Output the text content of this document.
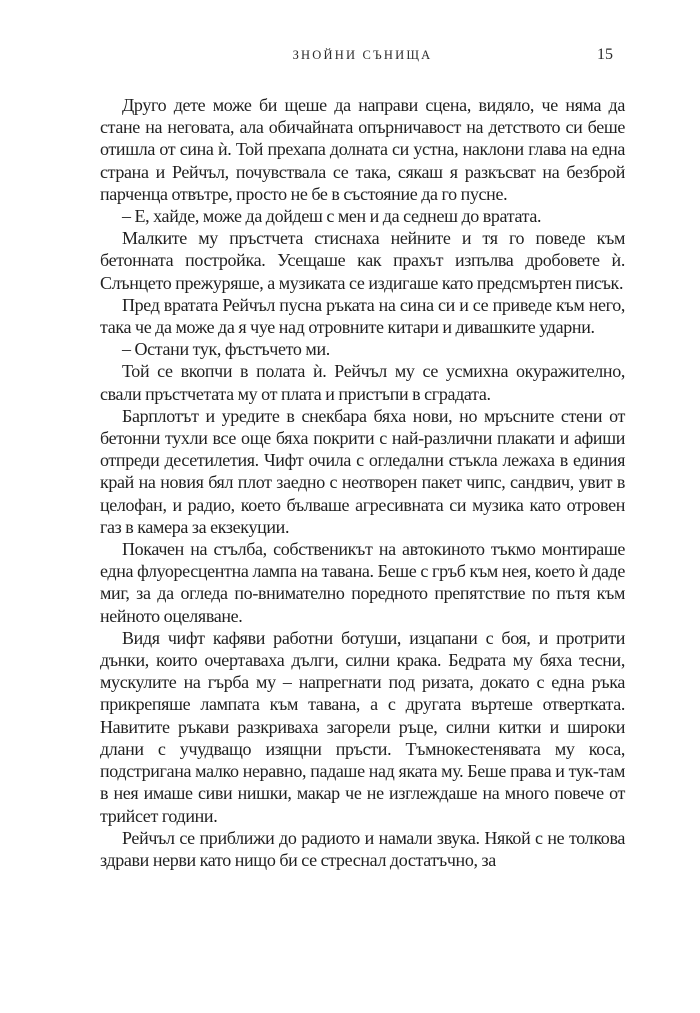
ЗНОЙНИ СЪНИЩА	15

Друго дете може би щеше да направи сцена, видяло, че няма да стане на неговата, ала обичайната опърничавост на детството си беше отишла от сина ѝ. Той прехапа долната си устна, наклони глава на една страна и Рейчъл, почувствала се така, сякаш я разкъсват на безброй парченца отвътре, просто не бе в състояние да го пусне.

– Е, хайде, може да дойдеш с мен и да седнеш до вратата.

Малките му пръстчета стиснаха нейните и тя го поведе към бетонната постройка. Усещаше как прахът изпълва дробовете ѝ. Слънцето прежуряше, а музиката се издигаше като предсмъртен писък.

Пред вратата Рейчъл пусна ръката на сина си и се приведе към него, така че да може да я чуе над отровните китари и дивашките ударни.

– Остани тук, фъстъчето ми.

Той се вкопчи в полата ѝ. Рейчъл му се усмихна окуражително, свали пръстчетата му от плата и пристъпи в сградата.

Барплотът и уредите в снекбара бяха нови, но мръсните стени от бетонни тухли все още бяха покрити с най-различни плакати и афиши отпреди десетилетия. Чифт очила с огледални стъкла лежаха в единия край на новия бял плот заедно с неотворен пакет чипс, сандвич, увит в целофан, и радио, което бълваше агресивната си музика като отровен газ в камера за екзекуции.

Покачен на стълба, собственикът на автокиното тъкмо монтираше една флуоресцентна лампа на тавана. Беше с гръб към нея, което ѝ даде миг, за да огледа по-внимателно поредното препятствие по пътя към нейното оцеляване.

Видя чифт кафяви работни ботуши, изцапани с боя, и протрити дънки, които очертаваха дълги, силни крака. Бедрата му бяха тесни, мускулите на гърба му – напрегнати под ризата, докато с една ръка прикрепяше лампата към тавана, а с другата въртеше отвертката. Навитите ръкави разкриваха загорели ръце, силни китки и широки длани с учудващо изящни пръсти. Тъмнокестенявата му коса, подстригана малко неравно, падаше над яката му. Беше права и тук-там в нея имаше сиви нишки, макар че не изглеждаше на много повече от трийсет години.

Рейчъл се приближи до радиото и намали звука. Някой с не толкова здрави нерви като нищо би се стреснал достатъчно, за
